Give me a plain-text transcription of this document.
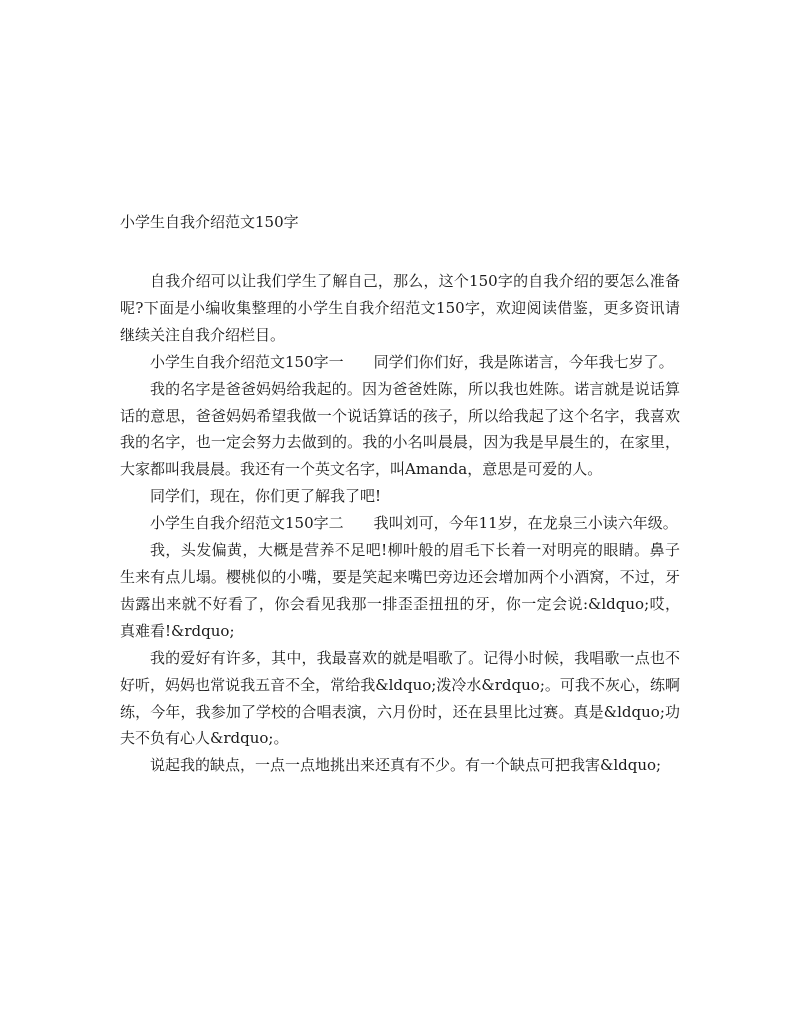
小学生自我介绍范文150字

自我介绍可以让我们学生了解自己，那么，这个150字的自我介绍的要怎么准备呢?下面是小编收集整理的小学生自我介绍范文150字，欢迎阅读借鉴，更多资讯请继续关注自我介绍栏目。

小学生自我介绍范文150字一　　同学们你们好，我是陈诺言，今年我七岁了。

我的名字是爸爸妈妈给我起的。因为爸爸姓陈，所以我也姓陈。诺言就是说话算话的意思，爸爸妈妈希望我做一个说话算话的孩子，所以给我起了这个名字，我喜欢我的名字，也一定会努力去做到的。我的小名叫晨晨，因为我是早晨生的，在家里，大家都叫我晨晨。我还有一个英文名字，叫Amanda，意思是可爱的人。

同学们，现在，你们更了解我了吧!

小学生自我介绍范文150字二　　我叫刘可，今年11岁，在龙泉三小读六年级。

我，头发偏黄，大概是营养不足吧!柳叶般的眉毛下长着一对明亮的眼睛。鼻子生来有点儿塌。樱桃似的小嘴，要是笑起来嘴巴旁边还会增加两个小酒窝，不过，牙齿露出来就不好看了，你会看见我那一排歪歪扭扭的牙，你一定会说:&ldquo;哎，真难看!&rdquo;

我的爱好有许多，其中，我最喜欢的就是唱歌了。记得小时候，我唱歌一点也不好听，妈妈也常说我五音不全，常给我&ldquo;泼冷水&rdquo;。可我不灰心，练啊练，今年，我参加了学校的合唱表演，六月份时，还在县里比过赛。真是&ldquo;功夫不负有心人&rdquo;。

说起我的缺点，一点一点地挑出来还真有不少。有一个缺点可把我害&ldquo;
